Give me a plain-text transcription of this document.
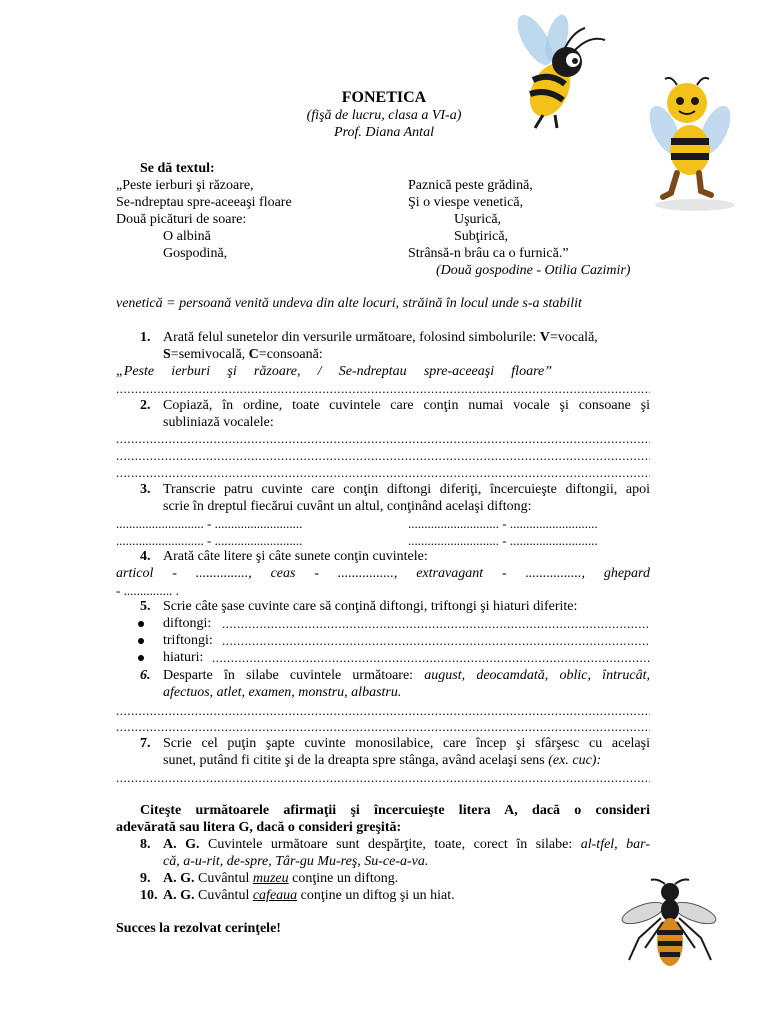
FONETICA
(fişă de lucru, clasa a VI-a)
Prof. Diana Antal
Se dă textul:
„Peste ierburi şi răzoare,
Se-ndreptau spre-aceeaşi floare
Două picături de soare:
O albină
Gospodină,
Paznică peste grădină,
Şi o viespe venetică,
Uşurică,
Subţirică,
Strânsă-n brâu ca o furnică.”
(Două gospodine - Otilia Cazimir)
venetică = persoană venită undeva din alte locuri, străină în locul unde s-a stabilit
1. Arată felul sunetelor din versurile următoare, folosind simbolurile: V=vocală,
S=semivocală, C=consoană:
„Peste ierburi şi răzoare, / Se-ndreptau spre-aceeaşi floare”
.....
2. Copiază, în ordine, toate cuvintele care conţin numai vocale şi consoane şi
subliniază vocalele:
.....
.....
.....
3. Transcrie patru cuvinte care conţin diftongi diferiţi, încercuieşte diftongii, apoi
scrie în dreptul fiecărui cuvânt un altul, conţinând acelaşi diftong:
........................... - ...........................	............................ - ...........................
........................... - ...........................	............................ - ...........................
4. Arată câte litere şi câte sunete conţin cuvintele:
articol - ..............., ceas - ................, extravagant - ................, ghepard
- ............... .
5. Scrie câte şase cuvinte care să conţină diftongi, triftongi şi hiaturi diferite:
diftongi:
.....
triftongi:
.....
hiaturi:
.....
6. Desparte în silabe cuvintele următoare: august, deocamdată, oblic, întrucât,
afectuos, atlet, examen, monstru, albastru.
.....
.....
7. Scrie cel puţin şapte cuvinte monosilabice, care încep şi sfârşesc cu acelaşi
sunet, putând fi citite şi de la dreapta spre stânga, având acelaşi sens (ex. cuc):
.....
Citeşte următoarele afirmaţii şi încercuieşte litera A, dacă o consideri
adevărată sau litera G, dacă o consideri greşită:
8. A. G. Cuvintele următoare sunt despărţite, toate, corect în silabe: al-tfel, bar-
că, a-u-rit, de-spre, Târ-gu Mu-reş, Su-ce-a-va.
9. A. G. Cuvântul muzeu conţine un diftong.
10. A. G. Cuvântul cafeaua conţine un diftog şi un hiat.
Succes la rezolvat cerinţele!
